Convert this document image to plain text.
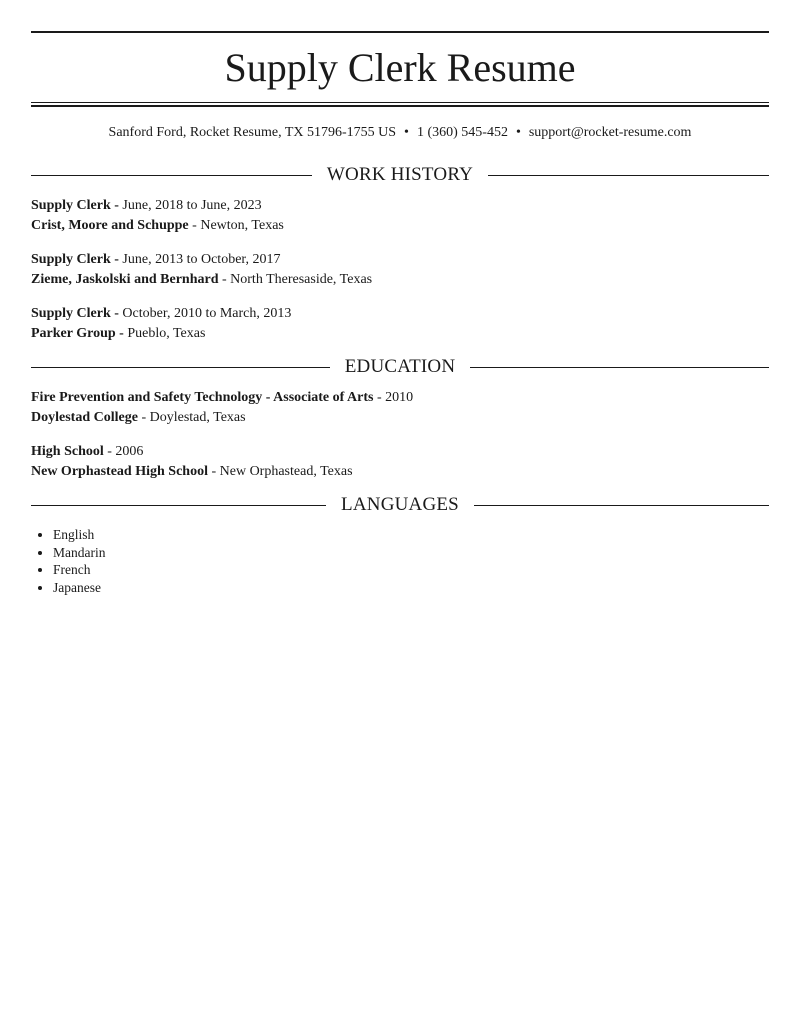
Supply Clerk Resume
Sanford Ford, Rocket Resume, TX 51796-1755 US • 1 (360) 545-452 • support@rocket-resume.com
WORK HISTORY
Supply Clerk - June, 2018 to June, 2023
Crist, Moore and Schuppe - Newton, Texas
Supply Clerk - June, 2013 to October, 2017
Zieme, Jaskolski and Bernhard - North Theresaside, Texas
Supply Clerk - October, 2010 to March, 2013
Parker Group - Pueblo, Texas
EDUCATION
Fire Prevention and Safety Technology - Associate of Arts - 2010
Doylestad College - Doylestad, Texas
High School - 2006
New Orphastead High School - New Orphastead, Texas
LANGUAGES
• English
• Mandarin
• French
• Japanese
